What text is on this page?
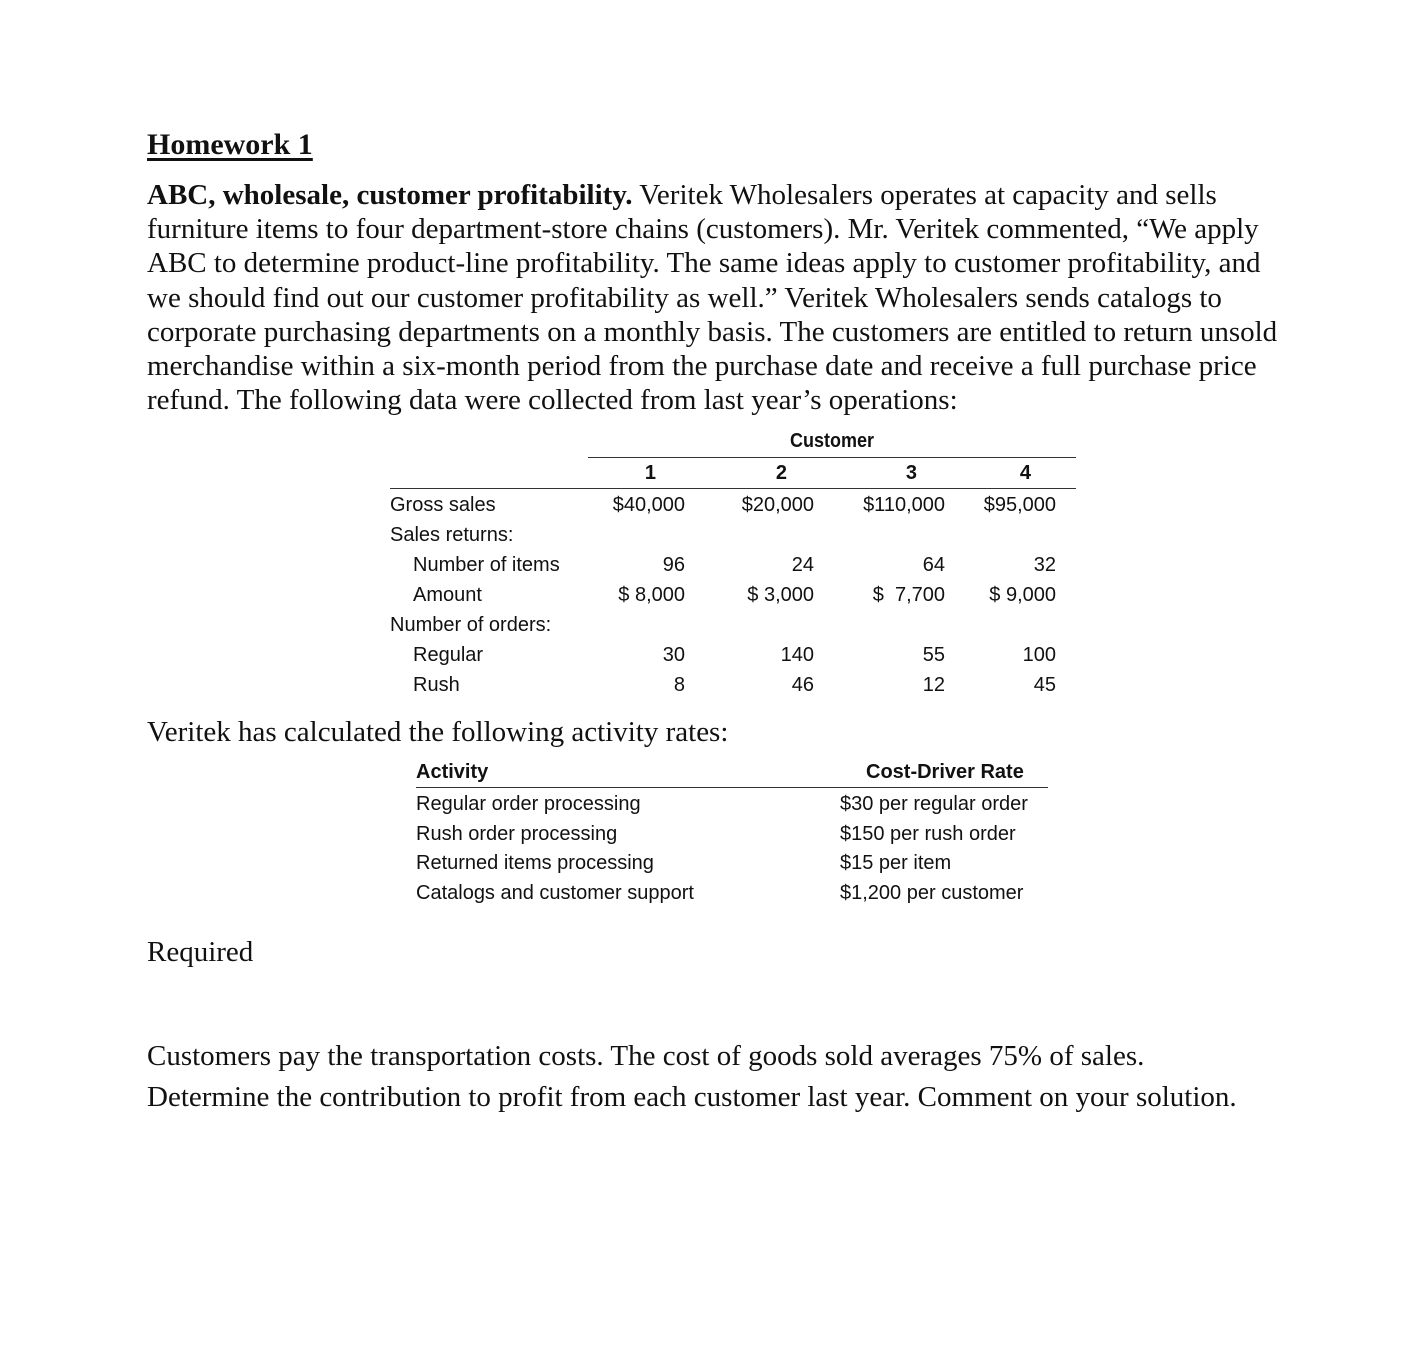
Homework 1
ABC, wholesale, customer profitability. Veritek Wholesalers operates at capacity and sells
furniture items to four department-store chains (customers). Mr. Veritek commented, “We apply
ABC to determine product-line profitability. The same ideas apply to customer profitability, and
we should find out our customer profitability as well.” Veritek Wholesalers sends catalogs to
corporate purchasing departments on a monthly basis. The customers are entitled to return unsold
merchandise within a six-month period from the purchase date and receive a full purchase price
refund. The following data were collected from last year’s operations:
Customer
1	2	3	4
Gross sales	$40,000	$20,000	$110,000	$95,000
Sales returns:
Number of items	96	24	64	32
Amount	$ 8,000	$ 3,000	$  7,700	$ 9,000
Number of orders:
Regular	30	140	55	100
Rush	8	46	12	45
Veritek has calculated the following activity rates:
Activity	Cost-Driver Rate
Regular order processing	$30 per regular order
Rush order processing	$150 per rush order
Returned items processing	$15 per item
Catalogs and customer support	$1,200 per customer
Required
Customers pay the transportation costs. The cost of goods sold averages 75% of sales.
Determine the contribution to profit from each customer last year. Comment on your solution.
